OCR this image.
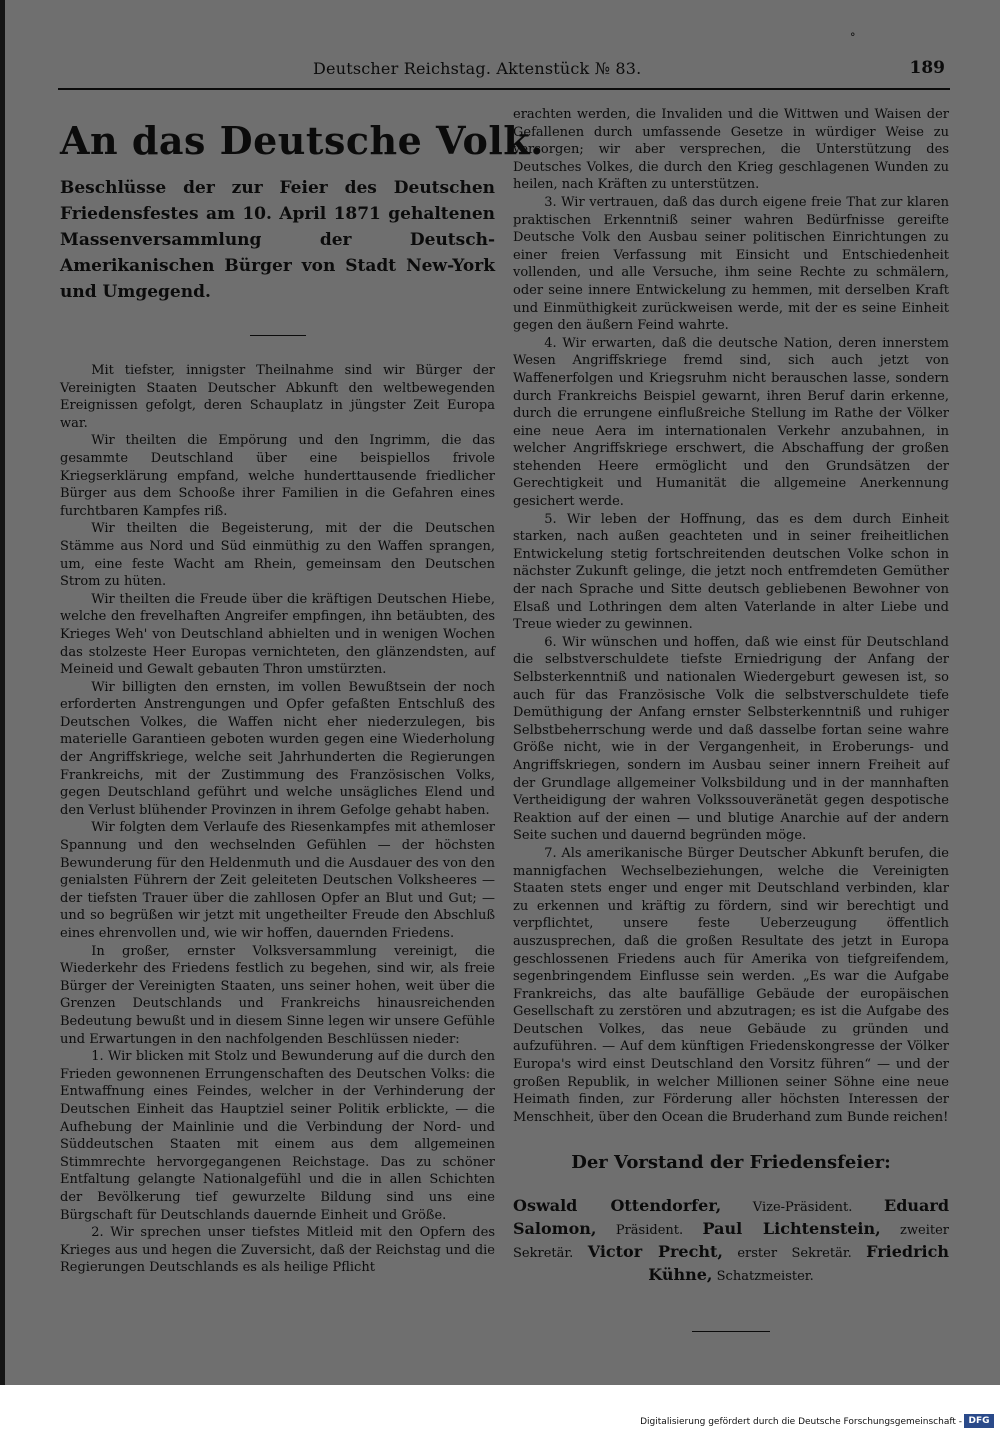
°
Deutscher Reichstag. Aktenstück № 83.	189
An das Deutsche Volk.

Beschlüsse der zur Feier des Deutschen Friedensfestes am 10. April 1871 gehaltenen Massenversammlung der Deutsch-Amerikanischen Bürger von Stadt New-York und Umgegend.

Mit tiefster, innigster Theilnahme sind wir Bürger der Vereinigten Staaten Deutscher Abkunft den weltbewegenden Ereignissen gefolgt, deren Schauplatz in jüngster Zeit Europa war.

Wir theilten die Empörung und den Ingrimm, die das gesammte Deutschland über eine beispiellos frivole Kriegserklärung empfand, welche hunderttausende friedlicher Bürger aus dem Schooße ihrer Familien in die Gefahren eines furchtbaren Kampfes riß.

Wir theilten die Begeisterung, mit der die Deutschen Stämme aus Nord und Süd einmüthig zu den Waffen sprangen, um, eine feste Wacht am Rhein, gemeinsam den Deutschen Strom zu hüten.

Wir theilten die Freude über die kräftigen Deutschen Hiebe, welche den frevelhaften Angreifer empfingen, ihn betäubten, des Krieges Weh' von Deutschland abhielten und in wenigen Wochen das stolzeste Heer Europas vernichteten, den glänzendsten, auf Meineid und Gewalt gebauten Thron umstürzten.

Wir billigten den ernsten, im vollen Bewußtsein der noch erforderten Anstrengungen und Opfer gefaßten Entschluß des Deutschen Volkes, die Waffen nicht eher niederzulegen, bis materielle Garantieen geboten wurden gegen eine Wiederholung der Angriffskriege, welche seit Jahrhunderten die Regierungen Frankreichs, mit der Zustimmung des Französischen Volks, gegen Deutschland geführt und welche unsägliches Elend und den Verlust blühender Provinzen in ihrem Gefolge gehabt haben.

Wir folgten dem Verlaufe des Riesenkampfes mit athemloser Spannung und den wechselnden Gefühlen — der höchsten Bewunderung für den Heldenmuth und die Ausdauer des von den genialsten Führern der Zeit geleiteten Deutschen Volksheeres — der tiefsten Trauer über die zahllosen Opfer an Blut und Gut; — und so begrüßen wir jetzt mit ungetheilter Freude den Abschluß eines ehrenvollen und, wie wir hoffen, dauernden Friedens.

In großer, ernster Volksversammlung vereinigt, die Wiederkehr des Friedens festlich zu begehen, sind wir, als freie Bürger der Vereinigten Staaten, uns seiner hohen, weit über die Grenzen Deutschlands und Frankreichs hinausreichenden Bedeutung bewußt und in diesem Sinne legen wir unsere Gefühle und Erwartungen in den nachfolgenden Beschlüssen nieder:

1. Wir blicken mit Stolz und Bewunderung auf die durch den Frieden gewonnenen Errungenschaften des Deutschen Volks: die Entwaffnung eines Feindes, welcher in der Verhinderung der Deutschen Einheit das Hauptziel seiner Politik erblickte, — die Aufhebung der Mainlinie und die Verbindung der Nord- und Süddeutschen Staaten mit einem aus dem allgemeinen Stimmrechte hervorgegangenen Reichstage. Das zu schöner Entfaltung gelangte Nationalgefühl und die in allen Schichten der Bevölkerung tief gewurzelte Bildung sind uns eine Bürgschaft für Deutschlands dauernde Einheit und Größe.

2. Wir sprechen unser tiefstes Mitleid mit den Opfern des Krieges aus und hegen die Zuversicht, daß der Reichstag und die Regierungen Deutschlands es als heilige Pflicht

erachten werden, die Invaliden und die Wittwen und Waisen der Gefallenen durch umfassende Gesetze in würdiger Weise zu versorgen; wir aber versprechen, die Unterstützung des Deutsches Volkes, die durch den Krieg geschlagenen Wunden zu heilen, nach Kräften zu unterstützen.

3. Wir vertrauen, daß das durch eigene freie That zur klaren praktischen Erkenntniß seiner wahren Bedürfnisse gereifte Deutsche Volk den Ausbau seiner politischen Einrichtungen zu einer freien Verfassung mit Einsicht und Entschiedenheit vollenden, und alle Versuche, ihm seine Rechte zu schmälern, oder seine innere Entwickelung zu hemmen, mit derselben Kraft und Einmüthigkeit zurückweisen werde, mit der es seine Einheit gegen den äußern Feind wahrte.

4. Wir erwarten, daß die deutsche Nation, deren innerstem Wesen Angriffskriege fremd sind, sich auch jetzt von Waffenerfolgen und Kriegsruhm nicht berauschen lasse, sondern durch Frankreichs Beispiel gewarnt, ihren Beruf darin erkenne, durch die errungene einflußreiche Stellung im Rathe der Völker eine neue Aera im internationalen Verkehr anzubahnen, in welcher Angriffskriege erschwert, die Abschaffung der großen stehenden Heere ermöglicht und den Grundsätzen der Gerechtigkeit und Humanität die allgemeine Anerkennung gesichert werde.

5. Wir leben der Hoffnung, das es dem durch Einheit starken, nach außen geachteten und in seiner freiheitlichen Entwickelung stetig fortschreitenden deutschen Volke schon in nächster Zukunft gelinge, die jetzt noch entfremdeten Gemüther der nach Sprache und Sitte deutsch gebliebenen Bewohner von Elsaß und Lothringen dem alten Vaterlande in alter Liebe und Treue wieder zu gewinnen.

6. Wir wünschen und hoffen, daß wie einst für Deutschland die selbstverschuldete tiefste Erniedrigung der Anfang der Selbsterkenntniß und nationalen Wiedergeburt gewesen ist, so auch für das Französische Volk die selbstverschuldete tiefe Demüthigung der Anfang ernster Selbsterkenntniß und ruhiger Selbstbeherrschung werde und daß dasselbe fortan seine wahre Größe nicht, wie in der Vergangenheit, in Eroberungs- und Angriffskriegen, sondern im Ausbau seiner innern Freiheit auf der Grundlage allgemeiner Volksbildung und in der mannhaften Vertheidigung der wahren Volkssouveränetät gegen despotische Reaktion auf der einen — und blutige Anarchie auf der andern Seite suchen und dauernd begründen möge.

7. Als amerikanische Bürger Deutscher Abkunft berufen, die mannigfachen Wechselbeziehungen, welche die Vereinigten Staaten stets enger und enger mit Deutschland verbinden, klar zu erkennen und kräftig zu fördern, sind wir berechtigt und verpflichtet, unsere feste Ueberzeugung öffentlich auszusprechen, daß die großen Resultate des jetzt in Europa geschlossenen Friedens auch für Amerika von tiefgreifendem, segenbringendem Einflusse sein werden. „Es war die Aufgabe Frankreichs, das alte baufällige Gebäude der europäischen Gesellschaft zu zerstören und abzutragen; es ist die Aufgabe des Deutschen Volkes, das neue Gebäude zu gründen und aufzuführen. — Auf dem künftigen Friedenskongresse der Völker Europa's wird einst Deutschland den Vorsitz führen“ — und der großen Republik, in welcher Millionen seiner Söhne eine neue Heimath finden, zur Förderung aller höchsten Interessen der Menschheit, über den Ocean die Bruderhand zum Bunde reichen!

Der Vorstand der Friedensfeier:
Oswald Ottendorfer, Vize-Präsident. Eduard
Salomon, Präsident. Paul Lichtenstein, zweiter
Sekretär. Victor Precht, erster Sekretär. Friedrich
Kühne, Schatzmeister.
Digitalisierung gefördert durch die Deutsche Forschungsgemeinschaft - DFG
